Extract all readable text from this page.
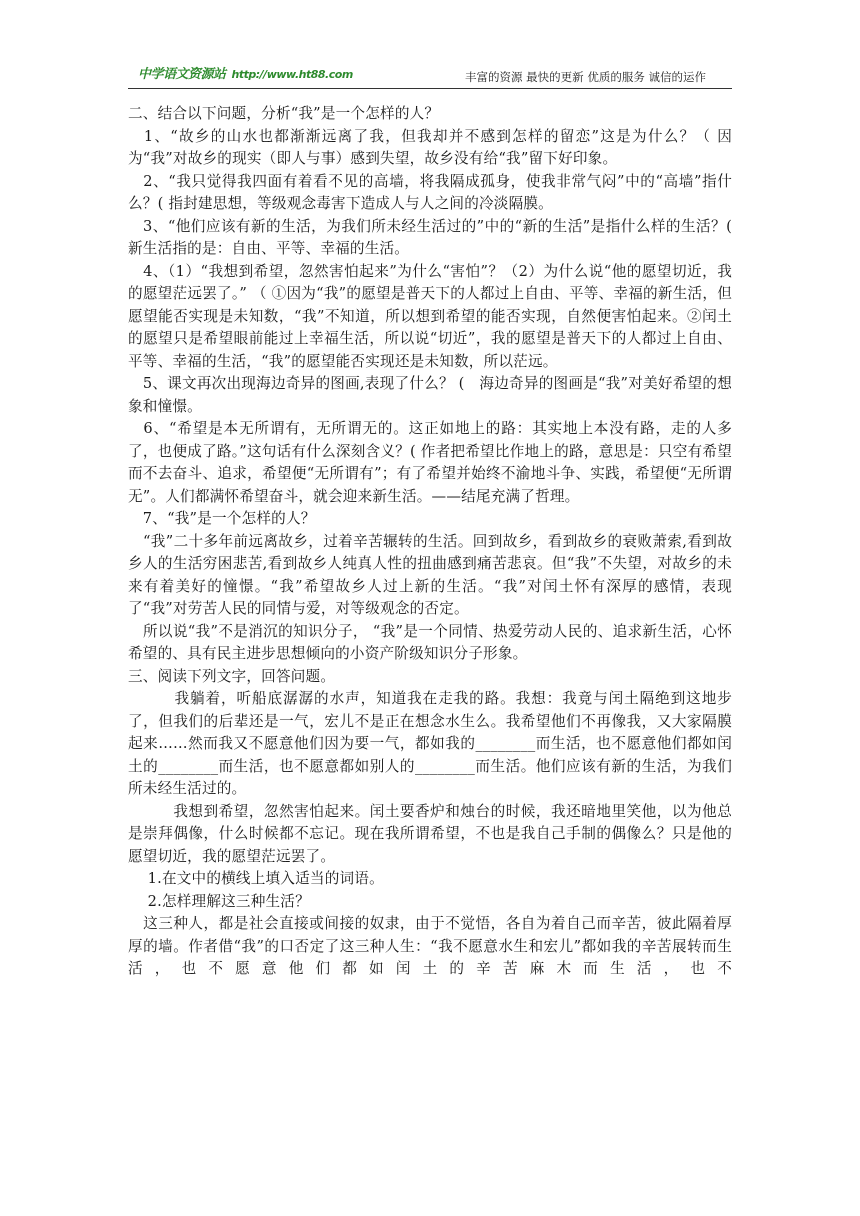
中学语文资源站 http://www.ht88.com	丰富的资源 最快的更新 优质的服务 诚信的运作

二、结合以下问题，分析“我”是一个怎样的人？

　1、“故乡的山水也都渐渐远离了我，但我却并不感到怎样的留恋”这是为什么？（ 因为“我”对故乡的现实（即人与事）感到失望，故乡没有给“我”留下好印象。

　2、“我只觉得我四面有着看不见的高墙，将我隔成孤身，使我非常气闷”中的“高墙”指什么？( 指封建思想，等级观念毒害下造成人与人之间的冷淡隔膜。

　3、“他们应该有新的生活，为我们所未经生活过的”中的“新的生活”是指什么样的生活？( 新生活指的是：自由、平等、幸福的生活。

　4、（1）“我想到希望，忽然害怕起来”为什么“害怕”？（2）为什么说“他的愿望切近，我的愿望茫远罢了。” （ ①因为“我”的愿望是普天下的人都过上自由、平等、幸福的新生活，但愿望能否实现是未知数，“我”不知道，所以想到希望的能否实现，自然便害怕起来。②闰土的愿望只是希望眼前能过上幸福生活，所以说“切近”，我的愿望是普天下的人都过上自由、平等、幸福的生活，“我”的愿望能否实现还是未知数，所以茫远。

　5、课文再次出现海边奇异的图画,表现了什么？ (　海边奇异的图画是“我”对美好希望的想象和憧憬。

　6、“希望是本无所谓有，无所谓无的。这正如地上的路：其实地上本没有路，走的人多了，也便成了路。”这句话有什么深刻含义？( 作者把希望比作地上的路，意思是：只空有希望而不去奋斗、追求，希望便“无所谓有”；有了希望并始终不渝地斗争、实践，希望便“无所谓无”。人们都满怀希望奋斗，就会迎来新生活。——结尾充满了哲理。

　7、“我”是一个怎样的人？

　“我”二十多年前远离故乡，过着辛苦辗转的生活。回到故乡，看到故乡的衰败萧索,看到故乡人的生活穷困悲苦,看到故乡人纯真人性的扭曲感到痛苦悲哀。但“我”不失望，对故乡的未来有着美好的憧憬。“我”希望故乡人过上新的生活。“我”对闰土怀有深厚的感情，表现了“我”对劳苦人民的同情与爱，对等级观念的否定。

　所以说“我”不是消沉的知识分子， “我”是一个同情、热爱劳动人民的、追求新生活，心怀希望的、具有民主进步思想倾向的小资产阶级知识分子形象。

三、阅读下列文字，回答问题。

　　　我躺着，听船底潺潺的水声，知道我在走我的路。我想：我竟与闰土隔绝到这地步了，但我们的后辈还是一气，宏儿不是正在想念水生么。我希望他们不再像我，又大家隔膜起来……然而我又不愿意他们因为要一气，都如我的________而生活，也不愿意他们都如闰土的________而生活，也不愿意都如别人的________而生活。他们应该有新的生活，为我们所未经生活过的。

　　　我想到希望，忽然害怕起来。闰土要香炉和烛台的时候，我还暗地里笑他，以为他总是崇拜偶像，什么时候都不忘记。现在我所谓希望，不也是我自己手制的偶像么？只是他的愿望切近，我的愿望茫远罢了。

　 1.在文中的横线上填入适当的词语。

　 2.怎样理解这三种生活？

　这三种人，都是社会直接或间接的奴隶，由于不觉悟，各自为着自己而辛苦，彼此隔着厚厚的墙。作者借“我”的口否定了这三种人生：“我不愿意水生和宏儿”都如我的辛苦展转而生活，也不愿意他们都如闰土的辛苦麻木而生活，也不
